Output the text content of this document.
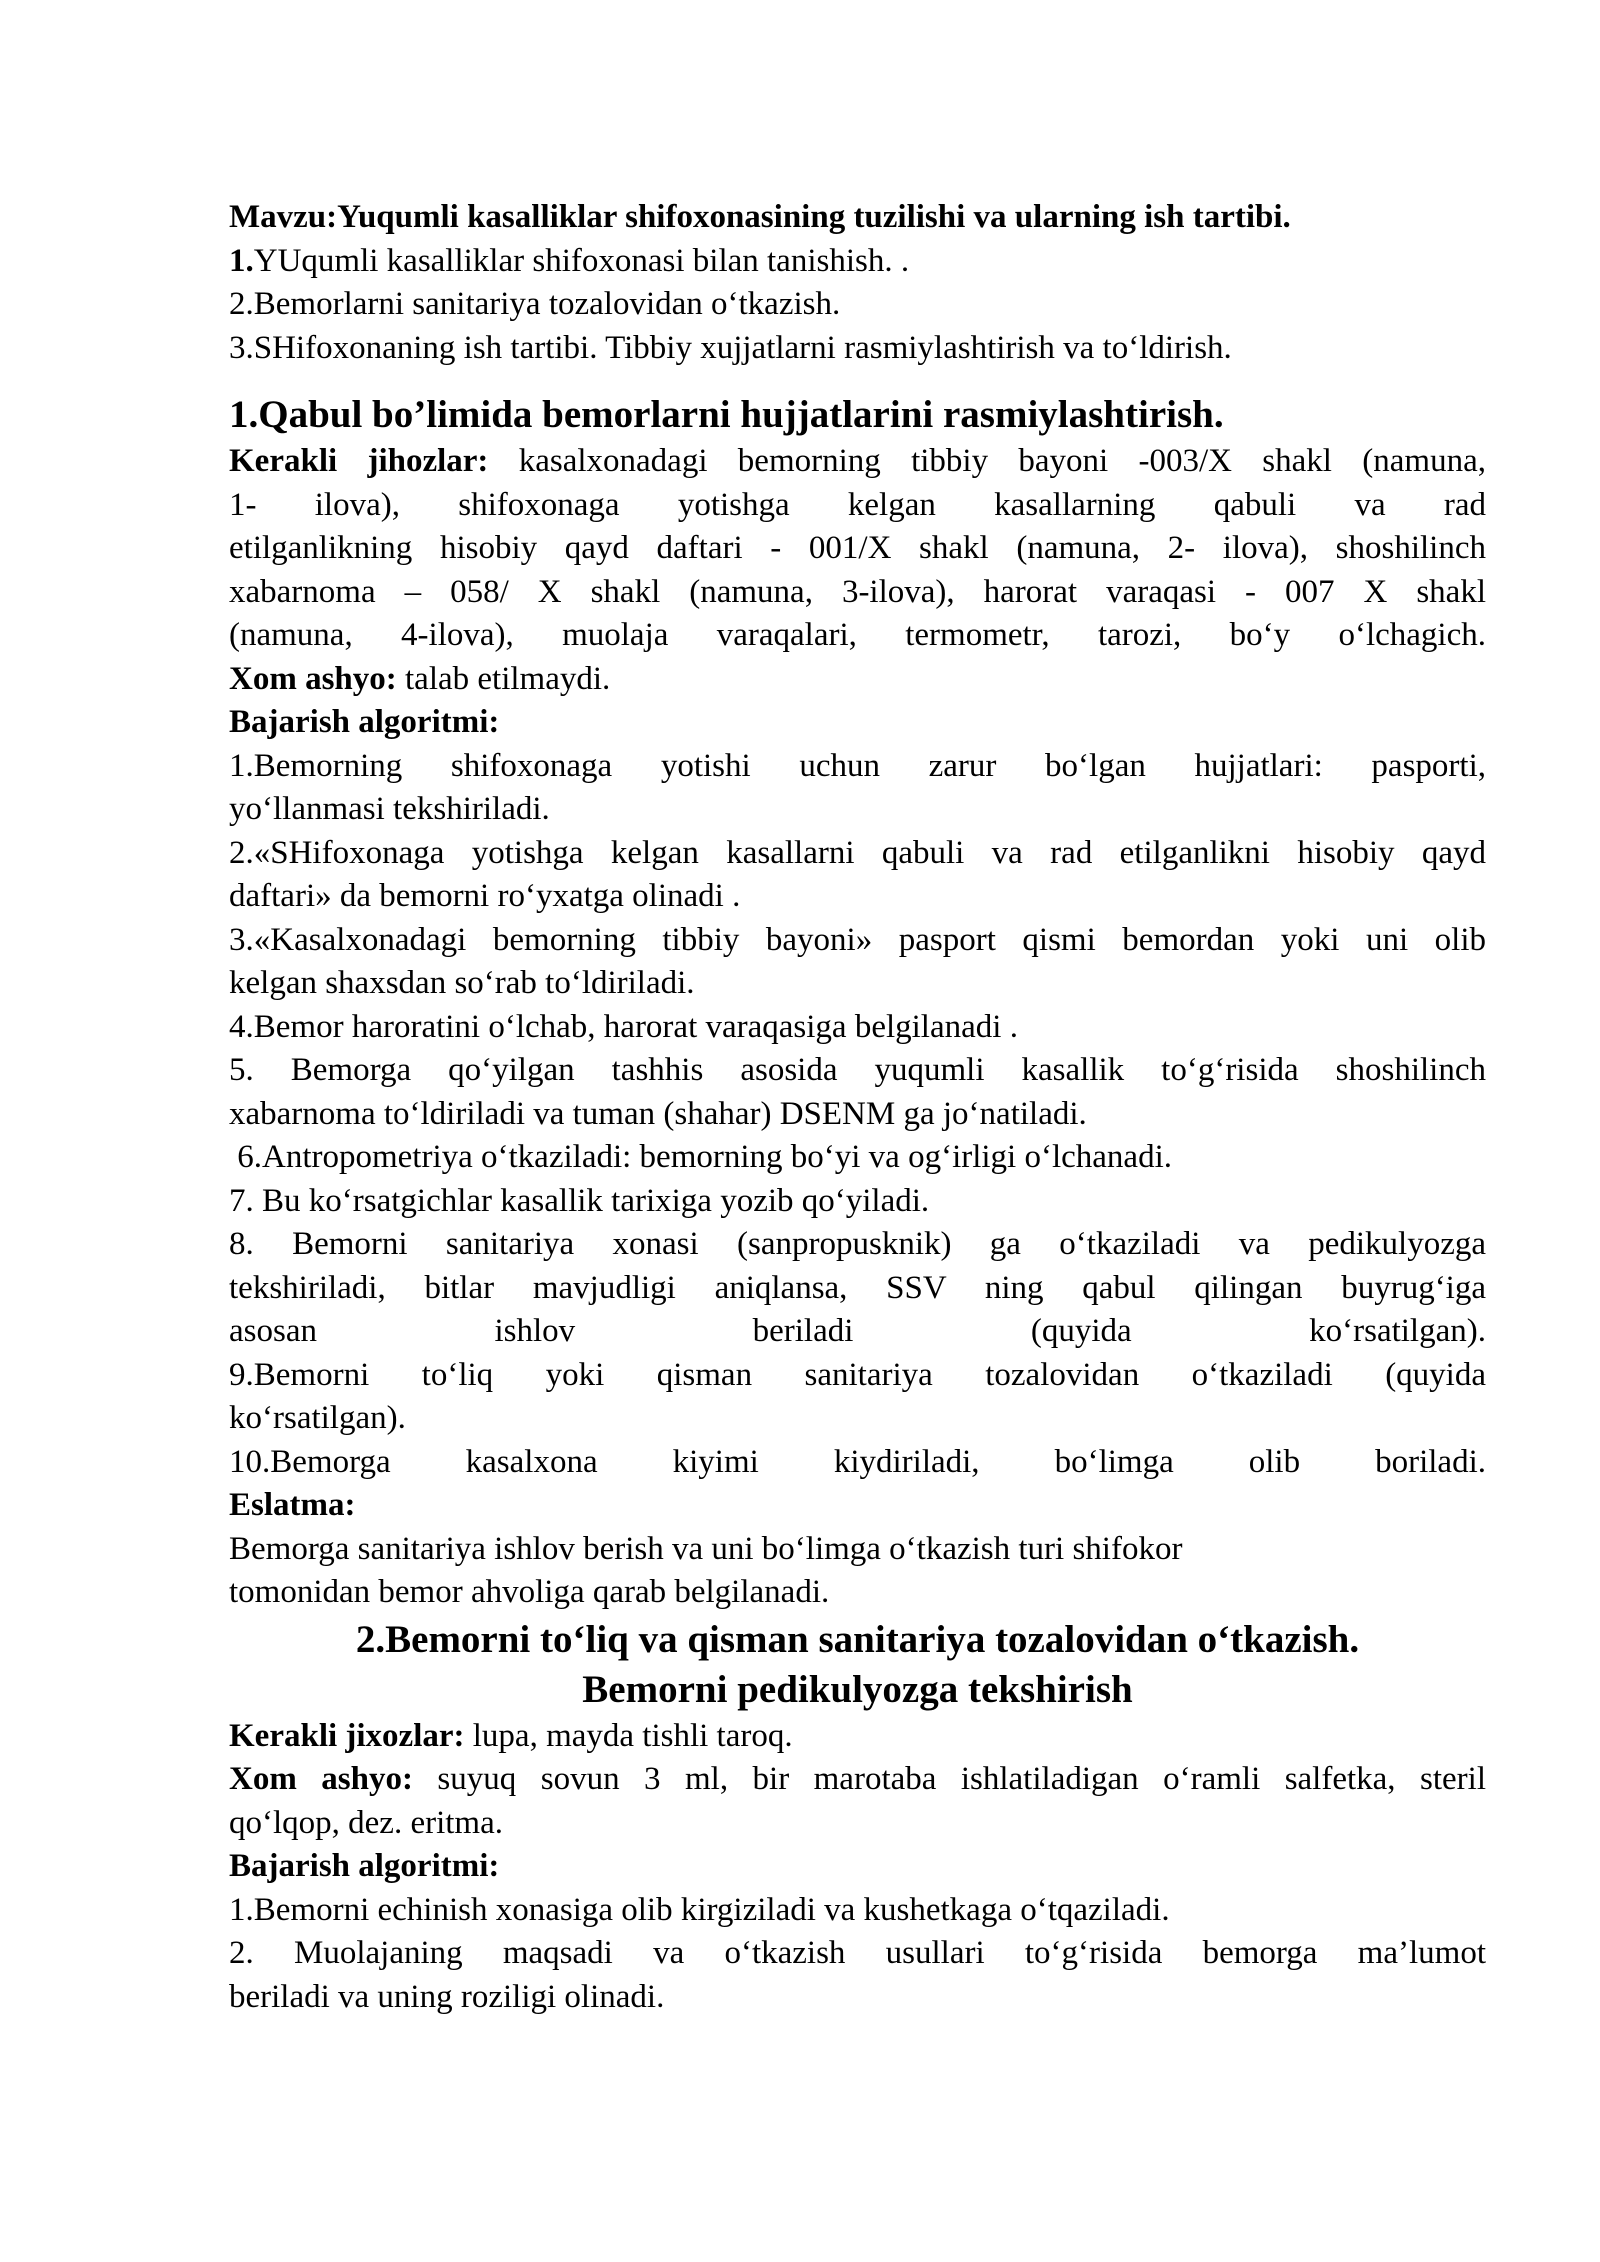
Mavzu:Yuqumli kasalliklar shifoxonasining tuzilishi va ularning ish tartibi.

1.YUqumli kasalliklar shifoxonasi bilan tanishish. .

2.Bemorlarni sanitariya tozalovidan o‘tkazish.

3.SHifoxonaning ish tartibi. Tibbiy xujjatlarni rasmiylashtirish va to‘ldirish.

1.Qabul bo’limida bemorlarni hujjatlarini rasmiylashtirish.

Kerakli jihozlar: kasalxonadagi bemorning tibbiy bayoni -003/X shakl (namuna,

1- ilova), shifoxonaga yotishga kelgan kasallarning qabuli va rad

etilganlikning hisobiy qayd daftari - 001/X shakl (namuna, 2- ilova), shoshilinch

xabarnoma – 058/ X shakl (namuna, 3-ilova), harorat varaqasi - 007 X shakl

(namuna, 4-ilova), muolaja varaqalari, termometr, tarozi, bo‘y o‘lchagich.

Xom ashyo: talab etilmaydi.

Bajarish algoritmi:

1.Bemorning shifoxonaga yotishi uchun zarur bo‘lgan hujjatlari: pasporti,

yo‘llanmasi tekshiriladi.

2.«SHifoxonaga yotishga kelgan kasallarni qabuli va rad etilganlikni hisobiy qayd

daftari» da bemorni ro‘yxatga olinadi .

3.«Kasalxonadagi bemorning tibbiy bayoni» pasport qismi bemordan yoki uni olib

kelgan shaxsdan so‘rab to‘ldiriladi.

4.Bemor haroratini o‘lchab, harorat varaqasiga belgilanadi .

5. Bemorga qo‘yilgan tashhis asosida yuqumli kasallik to‘g‘risida shoshilinch

xabarnoma to‘ldiriladi va tuman (shahar) DSENM ga jo‘natiladi.

6.Antropometriya o‘tkaziladi: bemorning bo‘yi va og‘irligi o‘lchanadi.

7. Bu ko‘rsatgichlar kasallik tarixiga yozib qo‘yiladi.

8. Bemorni sanitariya xonasi (sanpropusknik) ga o‘tkaziladi va pedikulyozga

tekshiriladi, bitlar mavjudligi aniqlansa, SSV ning qabul qilingan buyrug‘iga

asosan ishlov beriladi (quyida ko‘rsatilgan).

9.Bemorni to‘liq yoki qisman sanitariya tozalovidan o‘tkaziladi (quyida

ko‘rsatilgan).

10.Bemorga kasalxona kiyimi kiydiriladi, bo‘limga olib boriladi.

Eslatma:

Bemorga sanitariya ishlov berish va uni bo‘limga o‘tkazish turi shifokor

tomonidan bemor ahvoliga qarab belgilanadi.

2.Bemorni to‘liq va qisman sanitariya tozalovidan o‘tkazish.

Bemorni pedikulyozga tekshirish

Kerakli jixozlar: lupa, mayda tishli taroq.

Xom ashyo: suyuq sovun 3 ml, bir marotaba ishlatiladigan o‘ramli salfetka, steril

qo‘lqop, dez. eritma.

Bajarish algoritmi:

1.Bemorni echinish xonasiga olib kirgiziladi va kushetkaga o‘tqaziladi.

2. Muolajaning maqsadi va o‘tkazish usullari to‘g‘risida bemorga ma’lumot

beriladi va uning roziligi olinadi.
